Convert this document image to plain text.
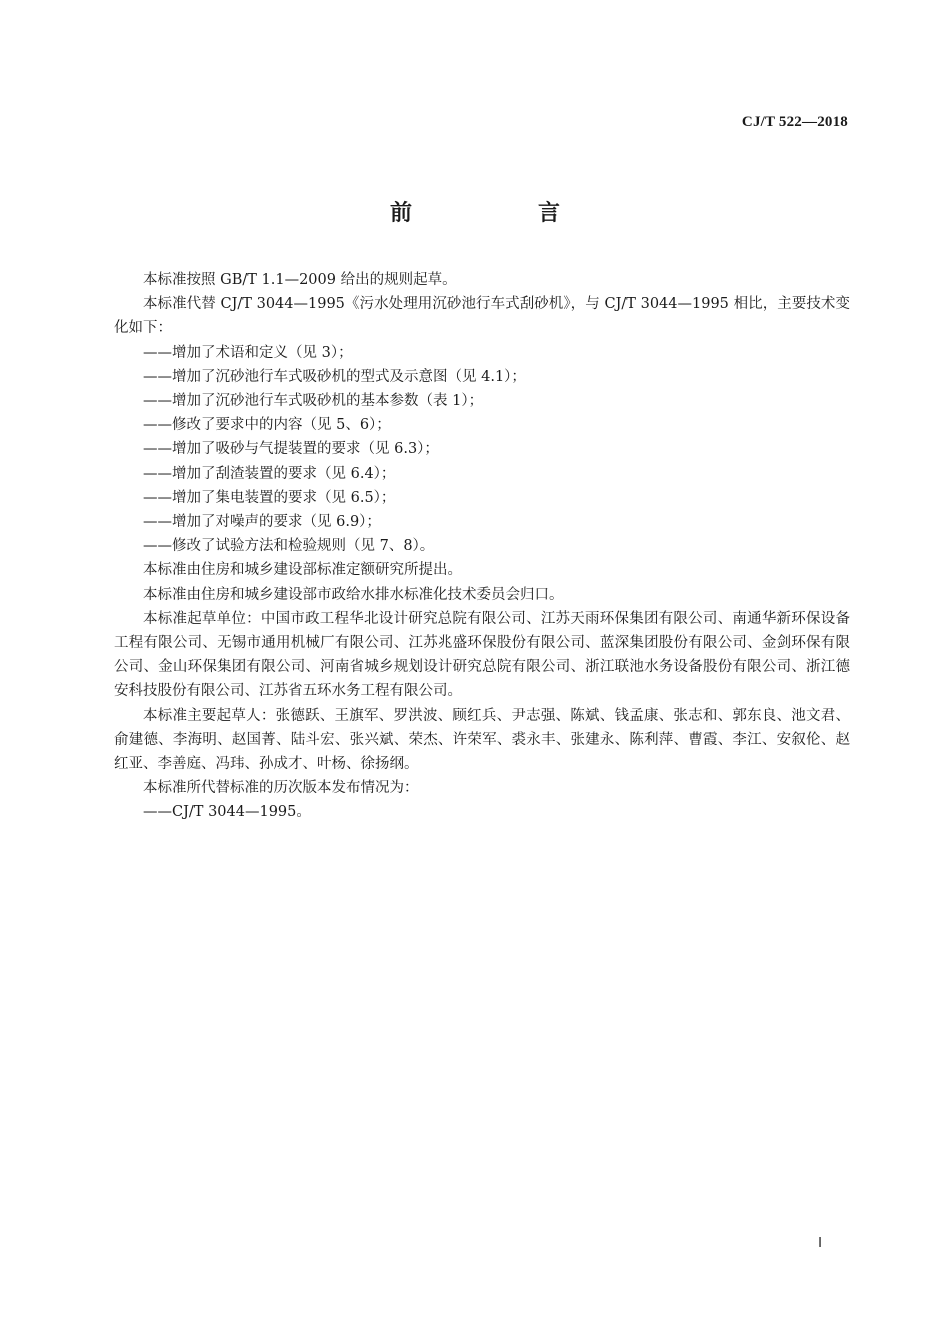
CJ/T 522—2018
前　言

本标准按照 GB/T 1.1—2009 给出的规则起草。

本标准代替 CJ/T 3044—1995《污水处理用沉砂池行车式刮砂机》，与 CJ/T 3044—1995 相比，主要技术变化如下：

——增加了术语和定义（见 3）；

——增加了沉砂池行车式吸砂机的型式及示意图（见 4.1）；

——增加了沉砂池行车式吸砂机的基本参数（表 1）；

——修改了要求中的内容（见 5、6）；

——增加了吸砂与气提装置的要求（见 6.3）；

——增加了刮渣装置的要求（见 6.4）；

——增加了集电装置的要求（见 6.5）；

——增加了对噪声的要求（见 6.9）；

——修改了试验方法和检验规则（见 7、8）。

本标准由住房和城乡建设部标准定额研究所提出。

本标准由住房和城乡建设部市政给水排水标准化技术委员会归口。

本标准起草单位：中国市政工程华北设计研究总院有限公司、江苏天雨环保集团有限公司、南通华新环保设备工程有限公司、无锡市通用机械厂有限公司、江苏兆盛环保股份有限公司、蓝深集团股份有限公司、金剑环保有限公司、金山环保集团有限公司、河南省城乡规划设计研究总院有限公司、浙江联池水务设备股份有限公司、浙江德安科技股份有限公司、江苏省五环水务工程有限公司。

本标准主要起草人：张德跃、王旗军、罗洪波、顾红兵、尹志强、陈斌、钱孟康、张志和、郭东良、池文君、俞建德、李海明、赵国菁、陆斗宏、张兴斌、荣杰、许荣军、裘永丰、张建永、陈利萍、曹霞、李江、安叙伦、赵红亚、李善庭、冯玮、孙成才、叶杨、徐扬纲。

本标准所代替标准的历次版本发布情况为：

——CJ/T 3044—1995。

I
